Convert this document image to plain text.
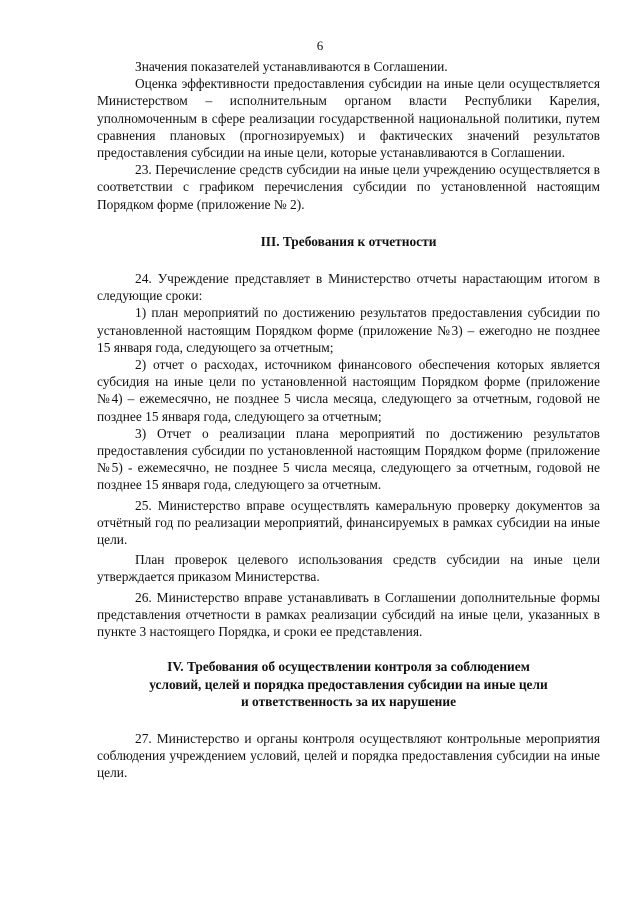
6

Значения показателей устанавливаются в Соглашении.

Оценка эффективности предоставления субсидии на иные цели осуществляется Министерством – исполнительным органом власти Республики Карелия, уполномоченным в сфере реализации государственной национальной политики, путем сравнения плановых (прогнозируемых) и фактических значений результатов предоставления субсидии на иные цели, которые устанавливаются в Соглашении.

23. Перечисление средств субсидии на иные цели учреждению осуществляется в соответствии с графиком перечисления субсидии по установленной настоящим Порядком форме (приложение № 2).

III. Требования к отчетности

24. Учреждение представляет в Министерство отчеты нарастающим итогом в следующие сроки:

1) план мероприятий по достижению результатов предоставления субсидии по установленной настоящим Порядком форме (приложение №3) – ежегодно не позднее 15 января года, следующего за отчетным;

2) отчет о расходах, источником финансового обеспечения которых является субсидия на иные цели по установленной настоящим Порядком форме (приложение №4) – ежемесячно, не позднее 5 числа месяца, следующего за отчетным, годовой не позднее 15 января года, следующего за отчетным;

3) Отчет о реализации плана мероприятий по достижению результатов предоставления субсидии по установленной настоящим Порядком форме (приложение №5) - ежемесячно, не позднее 5 числа месяца, следующего за отчетным, годовой не позднее 15 января года, следующего за отчетным.

25. Министерство вправе осуществлять камеральную проверку документов за отчётный год по реализации мероприятий, финансируемых в рамках субсидии на иные цели.

План проверок целевого использования средств субсидии на иные цели утверждается приказом Министерства.

26. Министерство вправе устанавливать в Соглашении дополнительные формы представления отчетности в рамках реализации субсидий на иные цели, указанных в пункте 3 настоящего Порядка, и сроки ее представления.

IV. Требования об осуществлении контроля за соблюдением
условий, целей и порядка предоставления субсидии на иные цели
и ответственность за их нарушение

27. Министерство и органы контроля осуществляют контрольные мероприятия соблюдения учреждением условий, целей и порядка предоставления субсидии на иные цели.
